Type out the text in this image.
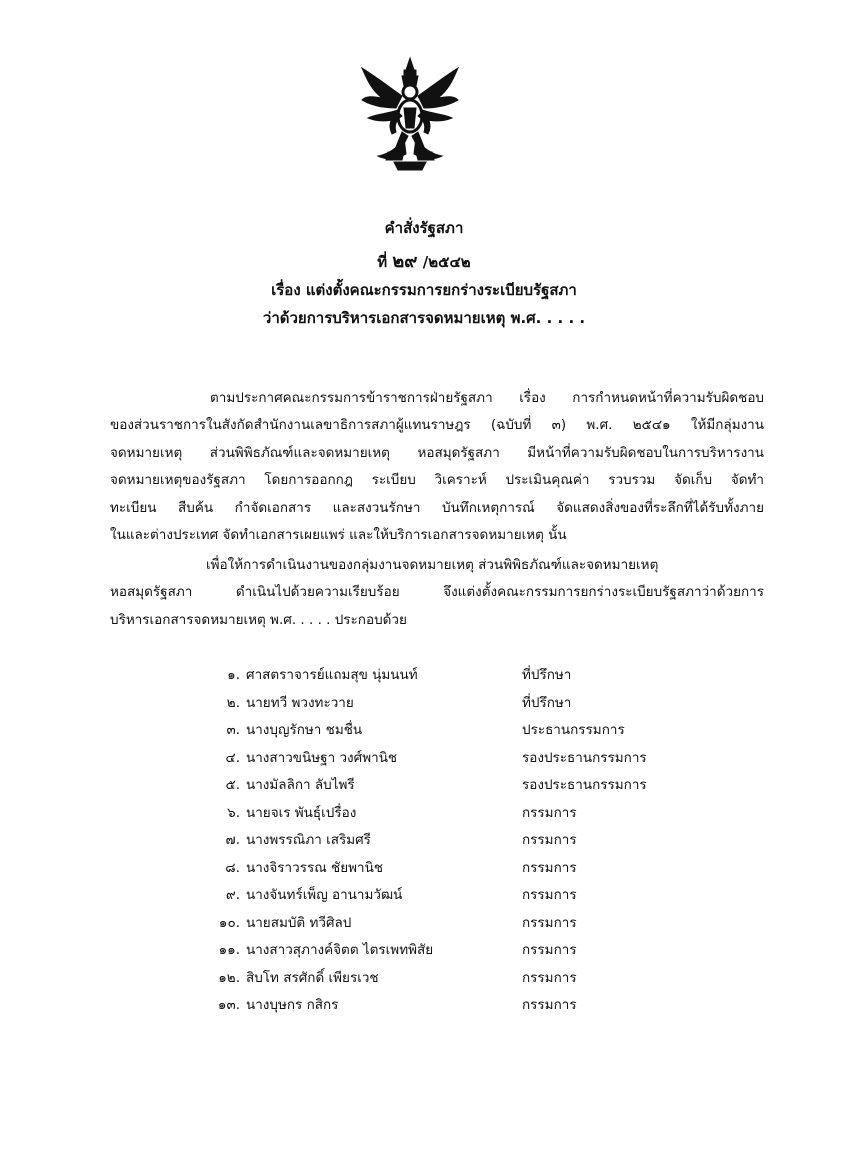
คำสั่งรัฐสภา
ที่ ๒๙ /๒๕๔๒
เรื่อง แต่งตั้งคณะกรรมการยกร่างระเบียบรัฐสภา
ว่าด้วยการบริหารเอกสารจดหมายเหตุ พ.ศ. . . . .
ตามประกาศคณะกรรมการข้าราชการฝ่ายรัฐสภา เรื่อง การกำหนดหน้าที่ความรับผิดชอบ
ของส่วนราชการในสังกัดสำนักงานเลขาธิการสภาผู้แทนราษฎร (ฉบับที่ ๓) พ.ศ. ๒๕๔๑ ให้มีกลุ่มงาน
จดหมายเหตุ ส่วนพิพิธภัณฑ์และจดหมายเหตุ หอสมุดรัฐสภา มีหน้าที่ความรับผิดชอบในการบริหารงาน
จดหมายเหตุของรัฐสภา โดยการออกกฎ ระเบียบ วิเคราะห์ ประเมินคุณค่า รวบรวม จัดเก็บ จัดทำ
ทะเบียน สืบค้น กำจัดเอกสาร และสงวนรักษา บันทึกเหตุการณ์ จัดแสดงสิ่งของที่ระลึกที่ได้รับทั้งภาย
ในและต่างประเทศ จัดทำเอกสารเผยแพร่ และให้บริการเอกสารจดหมายเหตุ นั้น
เพื่อให้การดำเนินงานของกลุ่มงานจดหมายเหตุ ส่วนพิพิธภัณฑ์และจดหมายเหตุ
หอสมุดรัฐสภา ดำเนินไปด้วยความเรียบร้อย จึงแต่งตั้งคณะกรรมการยกร่างระเบียบรัฐสภาว่าด้วยการ
บริหารเอกสารจดหมายเหตุ พ.ศ. . . . . ประกอบด้วย
๑. ศาสตราจารย์แถมสุข นุ่มนนท์	ที่ปรึกษา
๒. นายทวี พวงทะวาย	ที่ปรึกษา
๓. นางบุญรักษา ชมชื่น	ประธานกรรมการ
๔. นางสาวขนิษฐา วงศ์พานิช	รองประธานกรรมการ
๕. นางมัลลิกา ลับไพรี	รองประธานกรรมการ
๖. นายจเร พันธุ์เปรื่อง	กรรมการ
๗. นางพรรณิภา เสริมศรี	กรรมการ
๘. นางจิราวรรณ ชัยพานิช	กรรมการ
๙. นางจันทร์เพ็ญ อานามวัฒน์	กรรมการ
๑๐. นายสมบัติ ทวีศิลป	กรรมการ
๑๑. นางสาวสุภางค์จิตต ไตรเพทพิสัย	กรรมการ
๑๒. สิบโท สรศักดิ์ เพียรเวช	กรรมการ
๑๓. นางบุษกร กสิกร	กรรมการ
